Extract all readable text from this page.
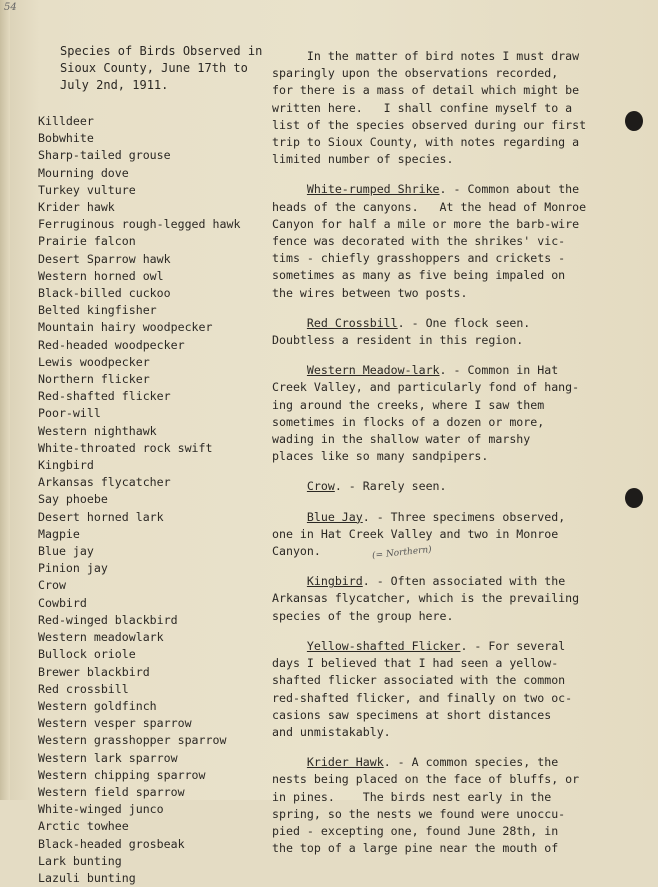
54
Species of Birds Observed in
Sioux County, June 17th to
July 2nd, 1911.
Killdeer
Bobwhite
Sharp-tailed grouse
Mourning dove
Turkey vulture
Krider hawk
Ferruginous rough-legged hawk
Prairie falcon
Desert Sparrow hawk
Western horned owl
Black-billed cuckoo
Belted kingfisher
Mountain hairy woodpecker
Red-headed woodpecker
Lewis woodpecker
Northern flicker
Red-shafted flicker
Poor-will
Western nighthawk
White-throated rock swift
Kingbird
Arkansas flycatcher
Say phoebe
Desert horned lark
Magpie
Blue jay
Pinion jay
Crow
Cowbird
Red-winged blackbird
Western meadowlark
Bullock oriole
Brewer blackbird
Red crossbill
Western goldfinch
Western vesper sparrow
Western grasshopper sparrow
Western lark sparrow
Western chipping sparrow
Western field sparrow
White-winged junco
Arctic towhee
Black-headed grosbeak
Lark bunting
Lazuli bunting

In the matter of bird notes I must draw
sparingly upon the observations recorded,
for there is a mass of detail which might be
written here.   I shall confine myself to a
list of the species observed during our first
trip to Sioux County, with notes regarding a
limited number of species.

White-rumped Shrike. - Common about the
heads of the canyons.   At the head of Monroe
Canyon for half a mile or more the barb-wire
fence was decorated with the shrikes' vic-
tims - chiefly grasshoppers and crickets -
sometimes as many as five being impaled on
the wires between two posts.

Red Crossbill. - One flock seen.
Doubtless a resident in this region.

Western Meadow-lark. - Common in Hat
Creek Valley, and particularly fond of hang-
ing around the creeks, where I saw them
sometimes in flocks of a dozen or more,
wading in the shallow water of marshy
places like so many sandpipers.

Crow. - Rarely seen.

Blue Jay. - Three specimens observed,
one in Hat Creek Valley and two in Monroe
Canyon.

Kingbird. - Often associated with the
Arkansas flycatcher, which is the prevailing
species of the group here.

Yellow-shafted Flicker. - For several
days I believed that I had seen a yellow-
shafted flicker associated with the common
red-shafted flicker, and finally on two oc-
casions saw specimens at short distances
and unmistakably.

Krider Hawk. - A common species, the
nests being placed on the face of bluffs, or
in pines.    The birds nest early in the
spring, so the nests we found were unoccu-
pied - excepting one, found June 28th, in
the top of a large pine near the mouth of

(= Northern)
